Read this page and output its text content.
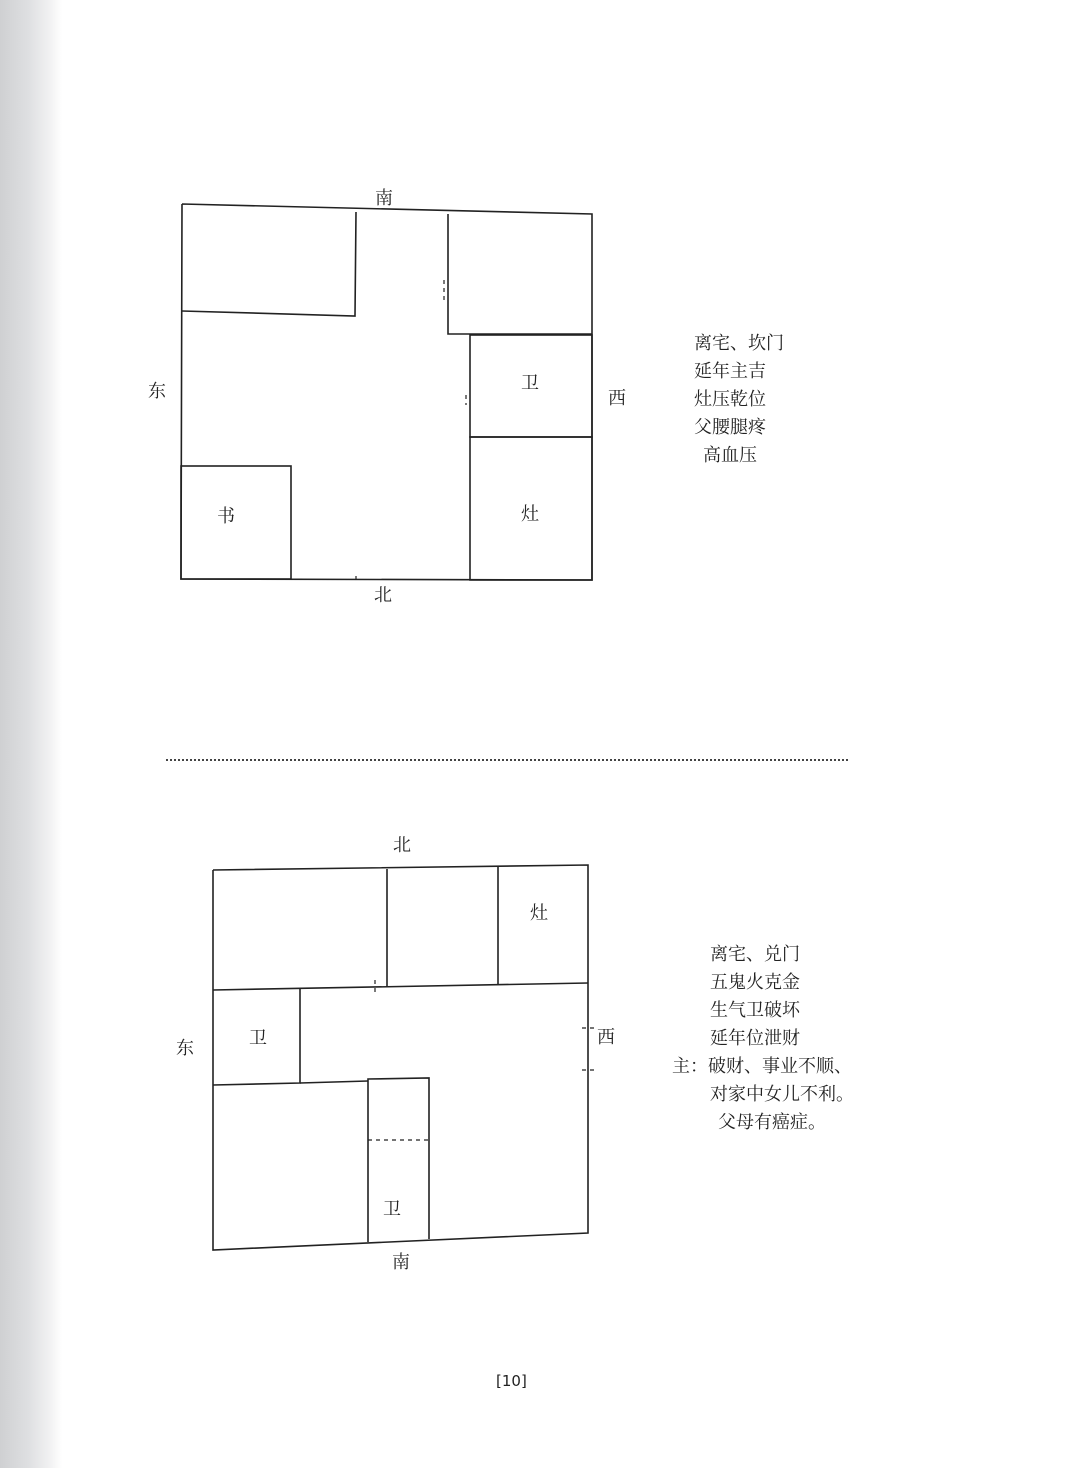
南
北
东	西
卫
灶
书
离宅、坎门
延年主吉
灶压乾位
父腰腿疼
高血压
北
南
东
西
灶
卫
卫
离宅、兑门
五鬼火克金
生气卫破坏
延年位泄财
主：破财、事业不顺、
对家中女儿不利。
父母有癌症。
[10]
